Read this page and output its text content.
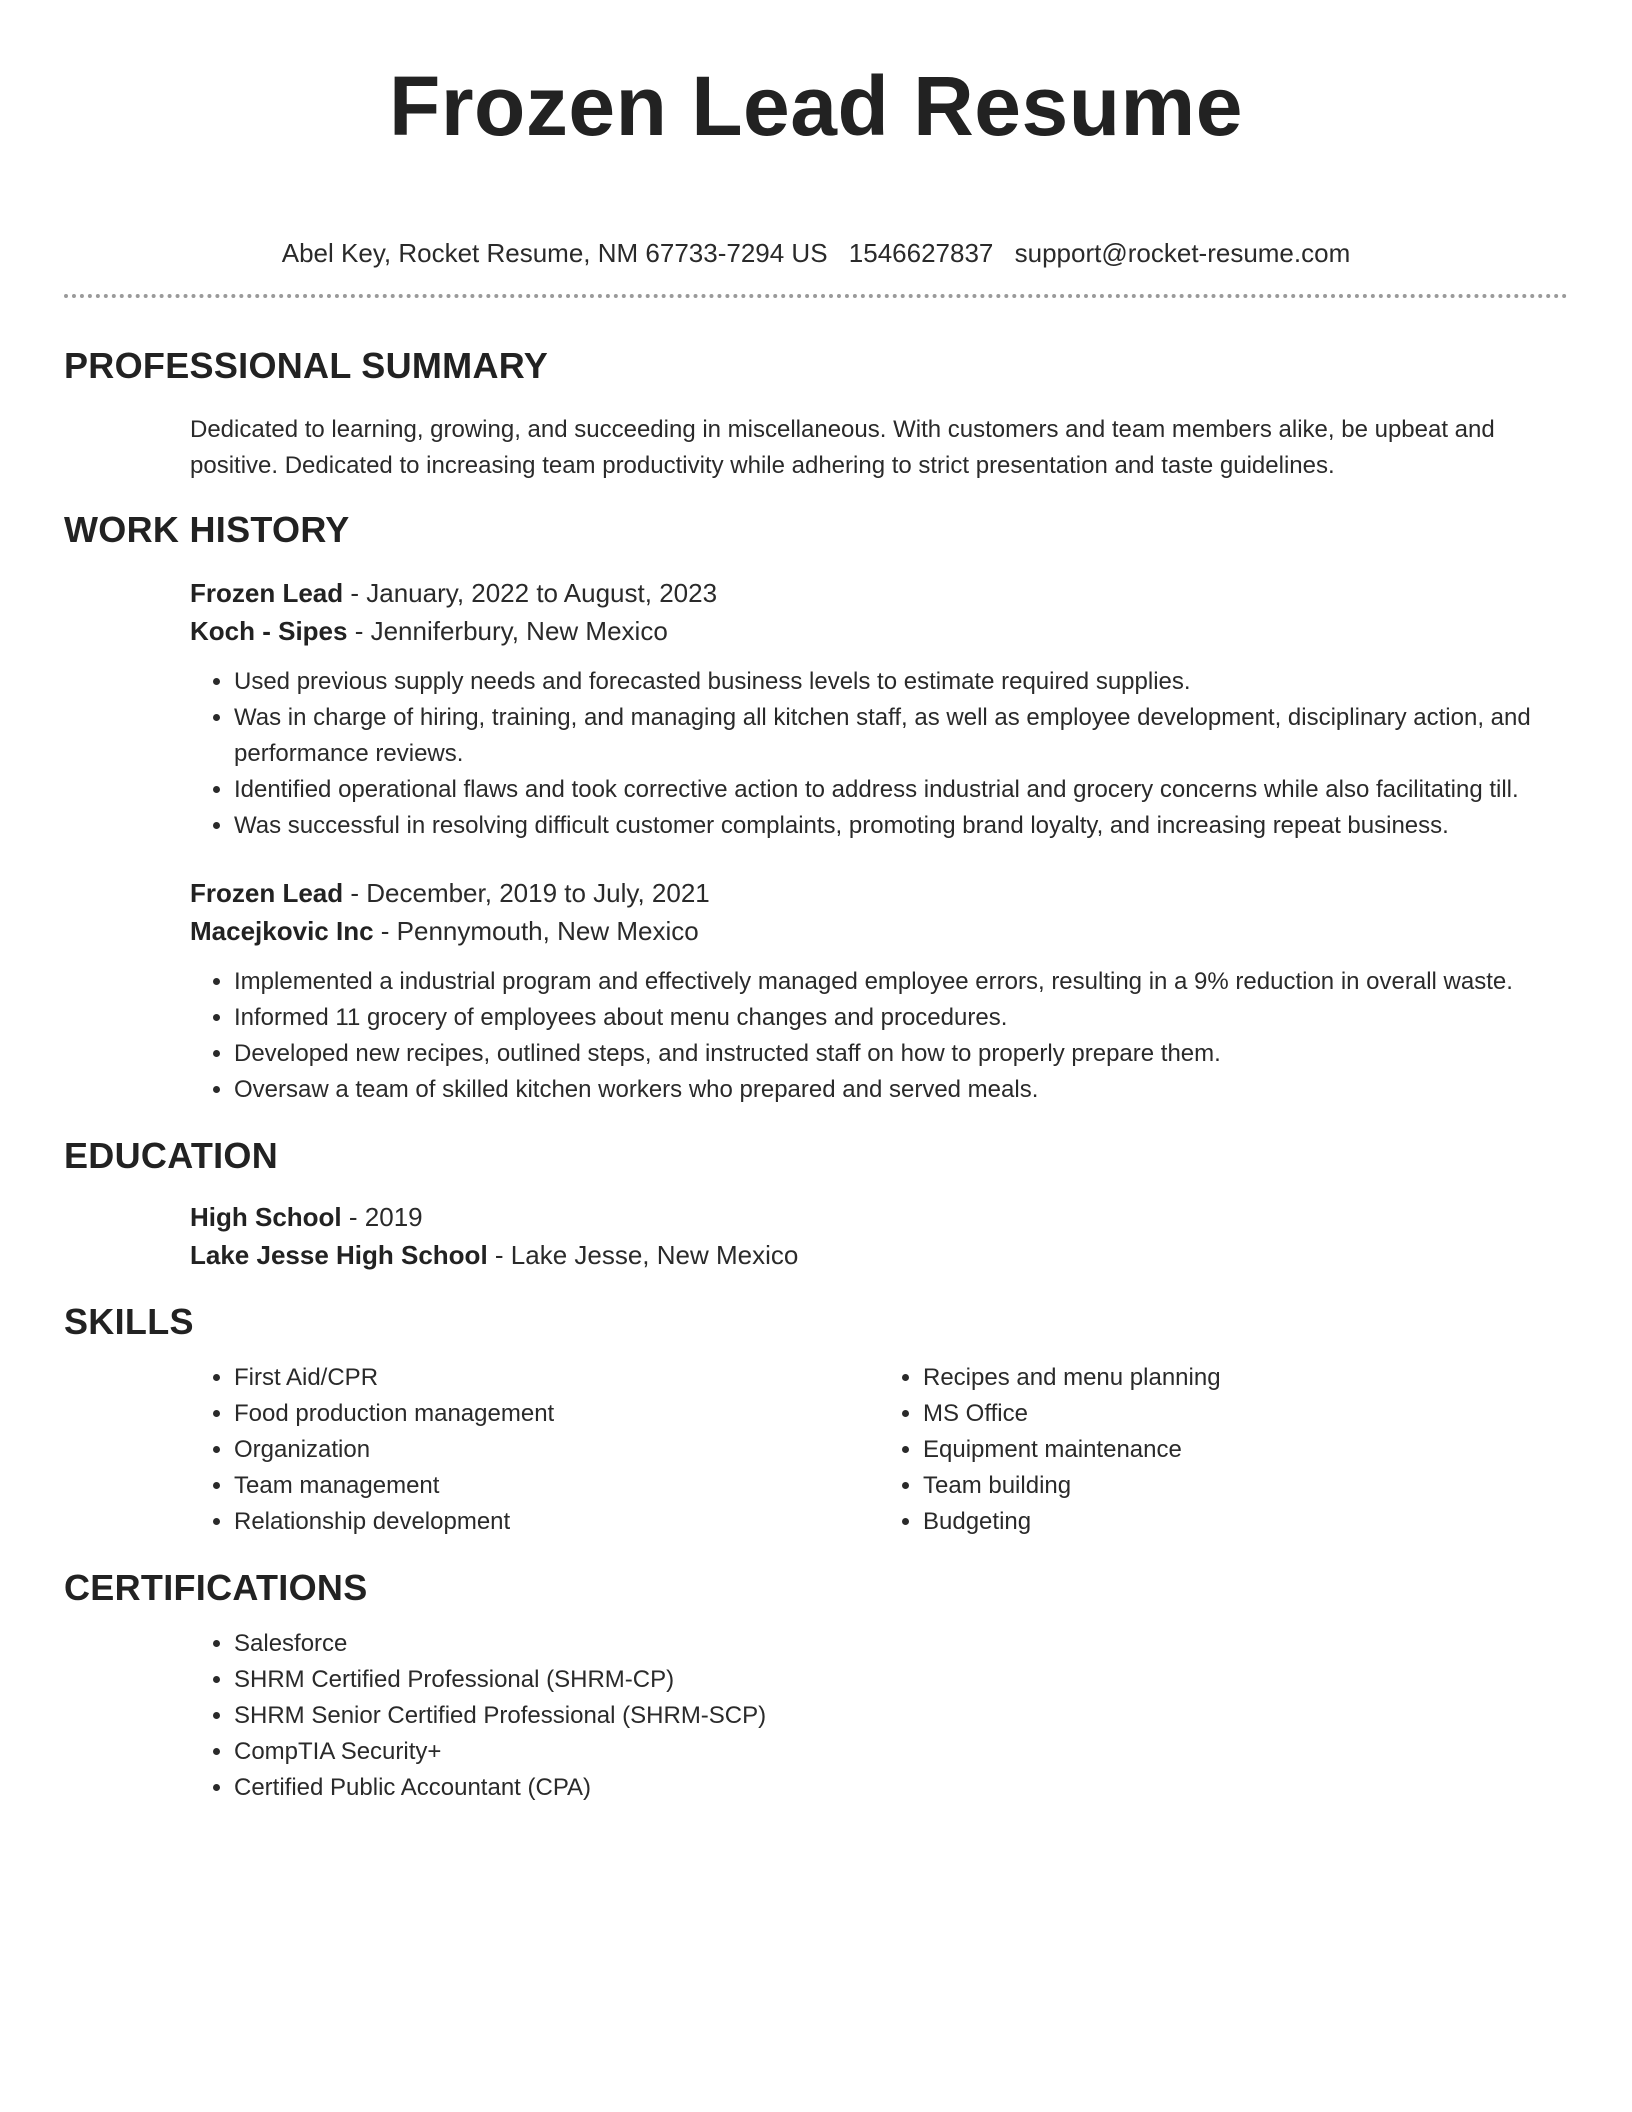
Frozen Lead Resume
Abel Key, Rocket Resume, NM 67733-7294 US 1546627837 support@rocket-resume.com
PROFESSIONAL SUMMARY
Dedicated to learning, growing, and succeeding in miscellaneous. With customers and team members alike, be upbeat and positive. Dedicated to increasing team productivity while adhering to strict presentation and taste guidelines.
WORK HISTORY
Frozen Lead - January, 2022 to August, 2023
Koch - Sipes - Jenniferbury, New Mexico
• Used previous supply needs and forecasted business levels to estimate required supplies.
• Was in charge of hiring, training, and managing all kitchen staff, as well as employee development, disciplinary action, and performance reviews.
• Identified operational flaws and took corrective action to address industrial and grocery concerns while also facilitating till.
• Was successful in resolving difficult customer complaints, promoting brand loyalty, and increasing repeat business.
Frozen Lead - December, 2019 to July, 2021
Macejkovic Inc - Pennymouth, New Mexico
• Implemented a industrial program and effectively managed employee errors, resulting in a 9% reduction in overall waste.
• Informed 11 grocery of employees about menu changes and procedures.
• Developed new recipes, outlined steps, and instructed staff on how to properly prepare them.
• Oversaw a team of skilled kitchen workers who prepared and served meals.
EDUCATION
High School - 2019
Lake Jesse High School - Lake Jesse, New Mexico
SKILLS
• First Aid/CPR
• Food production management
• Organization
• Team management
• Relationship development
• Recipes and menu planning
• MS Office
• Equipment maintenance
• Team building
• Budgeting
CERTIFICATIONS
• Salesforce
• SHRM Certified Professional (SHRM-CP)
• SHRM Senior Certified Professional (SHRM-SCP)
• CompTIA Security+
• Certified Public Accountant (CPA)
